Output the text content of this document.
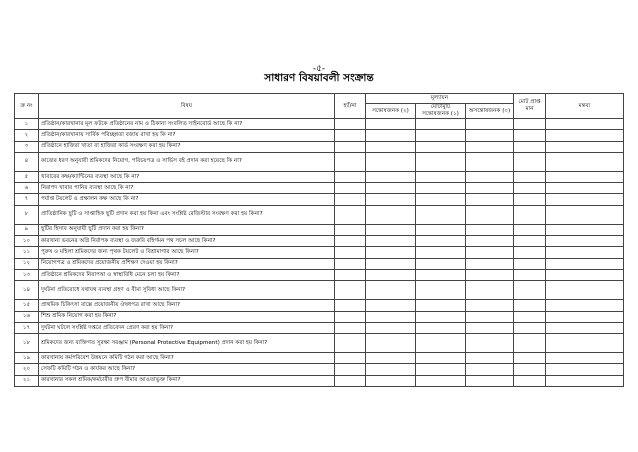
-৫-
সাধারণ বিষয়াবলী সংক্রান্ত
ক্র নং	বিষয়	হ্যাঁ/না	মূল্যায়ন			মোট প্রাপ্ত মান	মন্তব্য
			সন্তোষজনক (২)	মোটামুটি সন্তোষজনক (১)	অসন্তোষজনক (০)		
১	প্রতিষ্ঠান/কারখানার মূল ফটকে প্রতিষ্ঠানের নাম ও ঠিকানা সংবলিত সাইনবোর্ড আছে কি না?						
২	প্রতিষ্ঠান/কারখানায় সার্বিক পরিচ্ছন্নতা বজায় রাখা হয় কি না?						
৩	প্রতিষ্ঠানে হাজিরা খাতা বা হাজিরা কার্ড সংরক্ষণ করা হয় কিনা?						
৪	কাজের ধরণ অনুযায়ী শ্রমিকদের নিয়োগ, পরিচয়পত্র ও সার্ভিস বই প্রদান করা হয়েছে কি না?						
৫	খাবারের কক্ষ/ক্যান্টিনের ব্যবস্থা আছে কি না?						
৬	নিরাপদ খাবার পানির ব্যবস্থা আছে কি না?						
৭	পর্যাপ্ত টয়লেট ও প্রক্ষালন কক্ষ আছে কি না?						
৮	প্রাতিষ্ঠানিক ছুটি ও সাপ্তাহিক ছুটি প্রদান করা হয় কিনা এবং সংশ্লিষ্ট রেজিস্টার সংরক্ষণ করা হয় কিনা?						
৯	ছুটির হিসাব অনুযায়ী ছুটি প্রদান করা হয় কিনা?						
১০	কারখানা ভবনের অগ্নি নির্বাপক ব্যবস্থা ও জরুরি বহির্গমন পথ সচল আছে কিনা?						
১১	পুরুষ ও মহিলা শ্রমিকদের জন্য পৃথক টয়লেট ও বিশ্রামাগার আছে কিনা?						
১২	নিয়োগপত্র ও শ্রমিকদের প্রয়োজনীয় প্রশিক্ষণ দেওয়া হয় কিনা?						
১৩	প্রতিষ্ঠানে শ্রমিকদের নিরাপত্তা ও স্বাস্থ্যবিধি মেনে চলা হয় কিনা?						
১৪	দুর্ঘটনা প্রতিরোধে যথাযথ ব্যবস্থা গ্রহণ ও বীমা সুবিধা আছে কিনা?						
১৫	প্রাথমিক চিকিৎসা বাক্সে প্রয়োজনীয় ঔষধপত্র রাখা আছে কিনা?						
১৬	শিশু শ্রমিক নিয়োগ করা হয় কিনা?						
১৭	দুর্ঘটনা ঘটলে সংশ্লিষ্ট দপ্তরে প্রতিবেদন প্রেরণ করা হয় কিনা?						
১৮	শ্রমিকদের জন্য ব্যক্তিগত সুরক্ষা সরঞ্জাম (Personal Protective Equipment) প্রদান করা হয় কিনা?						
১৯	কারখানায় কর্মপরিবেশ উন্নয়নে কমিটি গঠন করা আছে কিনা?						
২০	সেফটি কমিটি গঠন ও কার্যকর আছে কিনা?						
২১	কারখানার সকল শ্রমিক/কর্মচারীর গ্রুপ বীমার আওতাভুক্ত কিনা?						
